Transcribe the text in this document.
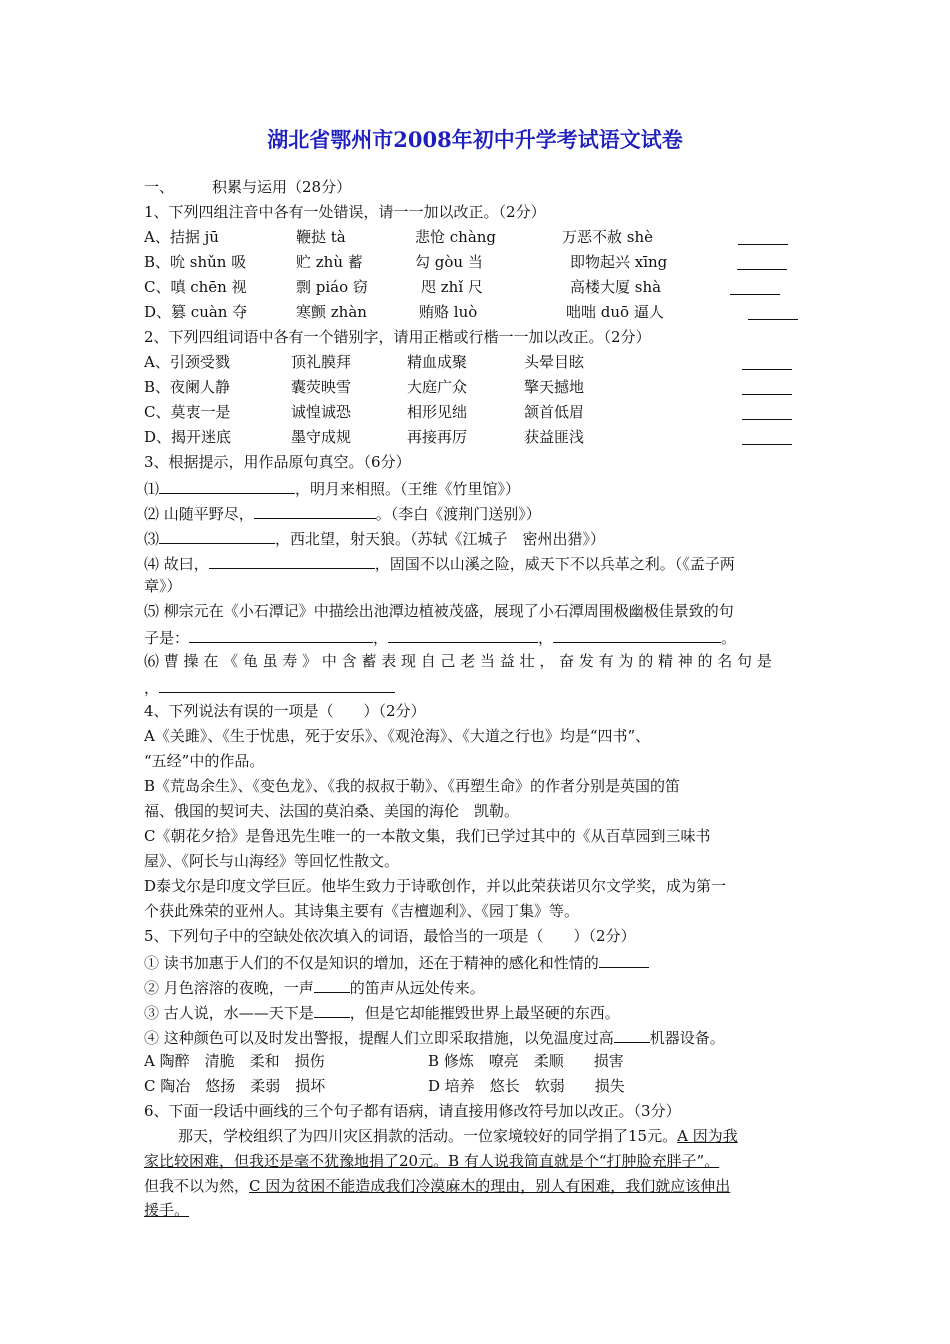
湖北省鄂州市2008年初中升学考试语文试卷
一、	积累与运用（28分）
1、下列四组注音中各有一处错误，请一一加以改正。（2分）
A、拮据 jū	鞭挞 tà	悲怆 chàng	万恶不赦 shè
B、吮 shǔn 吸	贮 zhù 蓄	勾 gòu 当	即物起兴 xīng
C、嗔 chēn 视	剽 piáo 窃	咫 zhǐ 尺	高楼大厦 shà
D、篡 cuàn 夺	寒颤 zhàn	贿赂 luò	咄咄 duō 逼人
2、下列四组词语中各有一个错别字，请用正楷或行楷一一加以改正。（2分）
A、引颈受戮	顶礼膜拜	精血成聚	头晕目眩
B、夜阑人静	囊荧映雪	大庭广众	擎天撼地
C、莫衷一是	诚惶诚恐	相形见绌	颔首低眉
D、揭开迷底	墨守成规	再接再厉	获益匪浅
3、根据提示，用作品原句真空。（6分）
⑴	，明月来相照。（王维《竹里馆》）
⑵ 山随平野尽，	。（李白《渡荆门送别》）
⑶	，西北望，射天狼。（苏轼《江城子　密州出猎》）
⑷ 故曰，	，固国不以山溪之险，威天下不以兵革之利。（《孟子两
章》）
⑸ 柳宗元在《小石潭记》中描绘出池潭边植被茂盛，展现了小石潭周围极幽极佳景致的句
子是：	，	，	。
⑹ 曹 操 在 《 龟 虽 寿 》 中 含 蓄 表 现 自 己 老 当 益 壮 ， 奋 发 有 为 的 精 神 的 名 句 是
，
4、下列说法有误的一项是（　　）（2分）
A《关雎》、《生于忧患，死于安乐》、《观沧海》、《大道之行也》均是“四书”、
“五经”中的作品。
B《荒岛余生》、《变色龙》、《我的叔叔于勒》、《再塑生命》的作者分别是英国的笛
福、俄国的契诃夫、法国的莫泊桑、美国的海伦　凯勒。
C《朝花夕拾》是鲁迅先生唯一的一本散文集，我们已学过其中的《从百草园到三味书
屋》、《阿长与山海经》等回忆性散文。
D泰戈尔是印度文学巨匠。他毕生致力于诗歌创作，并以此荣获诺贝尔文学奖，成为第一
个获此殊荣的亚州人。其诗集主要有《吉檀迦利》、《园丁集》等。
5、下列句子中的空缺处依次填入的词语，最恰当的一项是（　　）（2分）
① 读书加惠于人们的不仅是知识的增加，还在于精神的感化和性情的
② 月色溶溶的夜晚，一声 的笛声从远处传来。
③ 古人说，水——天下是 ，但是它却能摧毁世界上最坚硬的东西。
④ 这种颜色可以及时发出警报，提醒人们立即采取措施，以免温度过高 机器设备。
A 陶醉　清脆　柔和　损伤	B 修炼　嘹亮　柔顺　　损害
C 陶冶　悠扬　柔弱　损坏	D 培养　悠长　软弱　　损失
6、下面一段话中画线的三个句子都有语病，请直接用修改符号加以改正。（3分）
那天，学校组织了为四川灾区捐款的活动。一位家境较好的同学捐了15元。A 因为我
家比较困难，但我还是毫不犹豫地捐了20元。B 有人说我简直就是个“打肿脸充胖子”。
但我不以为然，C 因为贫困不能造成我们冷漠麻木的理由，别人有困难，我们就应该伸出
援手。
